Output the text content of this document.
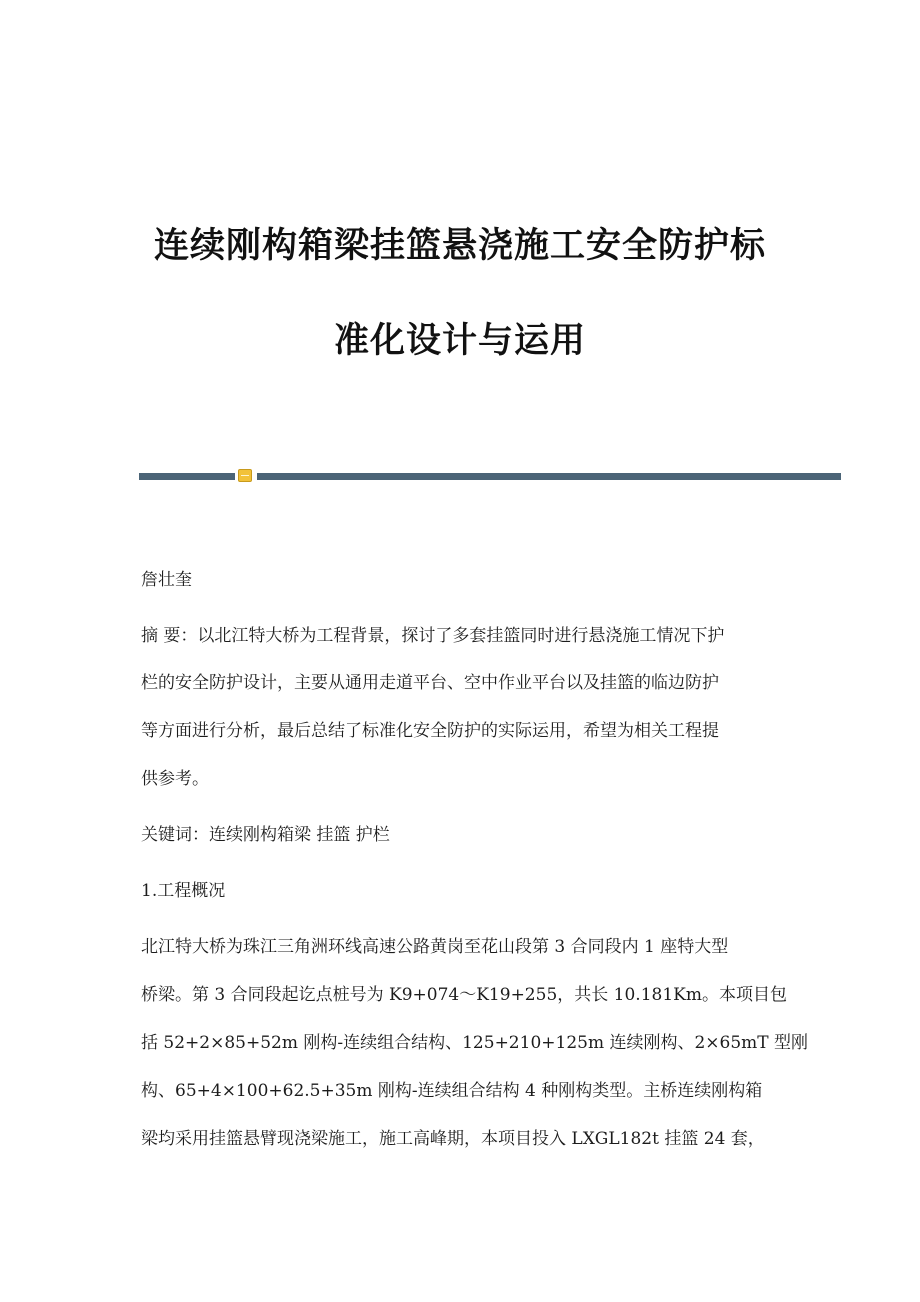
连续刚构箱梁挂篮悬浇施工安全防护标
准化设计与运用
詹壮奎
摘 要：以北江特大桥为工程背景，探讨了多套挂篮同时进行悬浇施工情况下护
栏的安全防护设计，主要从通用走道平台、空中作业平台以及挂篮的临边防护
等方面进行分析，最后总结了标准化安全防护的实际运用，希望为相关工程提
供参考。
关键词：连续刚构箱梁 挂篮 护栏
1.工程概况
北江特大桥为珠江三角洲环线高速公路黄岗至花山段第 3 合同段内 1 座特大型
桥梁。第 3 合同段起讫点桩号为 K9+074～K19+255，共长 10.181Km。本项目包
括 52+2×85+52m 刚构-连续组合结构、125+210+125m 连续刚构、2×65mT 型刚
构、65+4×100+62.5+35m 刚构-连续组合结构 4 种刚构类型。主桥连续刚构箱
梁均采用挂篮悬臂现浇梁施工，施工高峰期，本项目投入 LXGL182t 挂篮 24 套，
